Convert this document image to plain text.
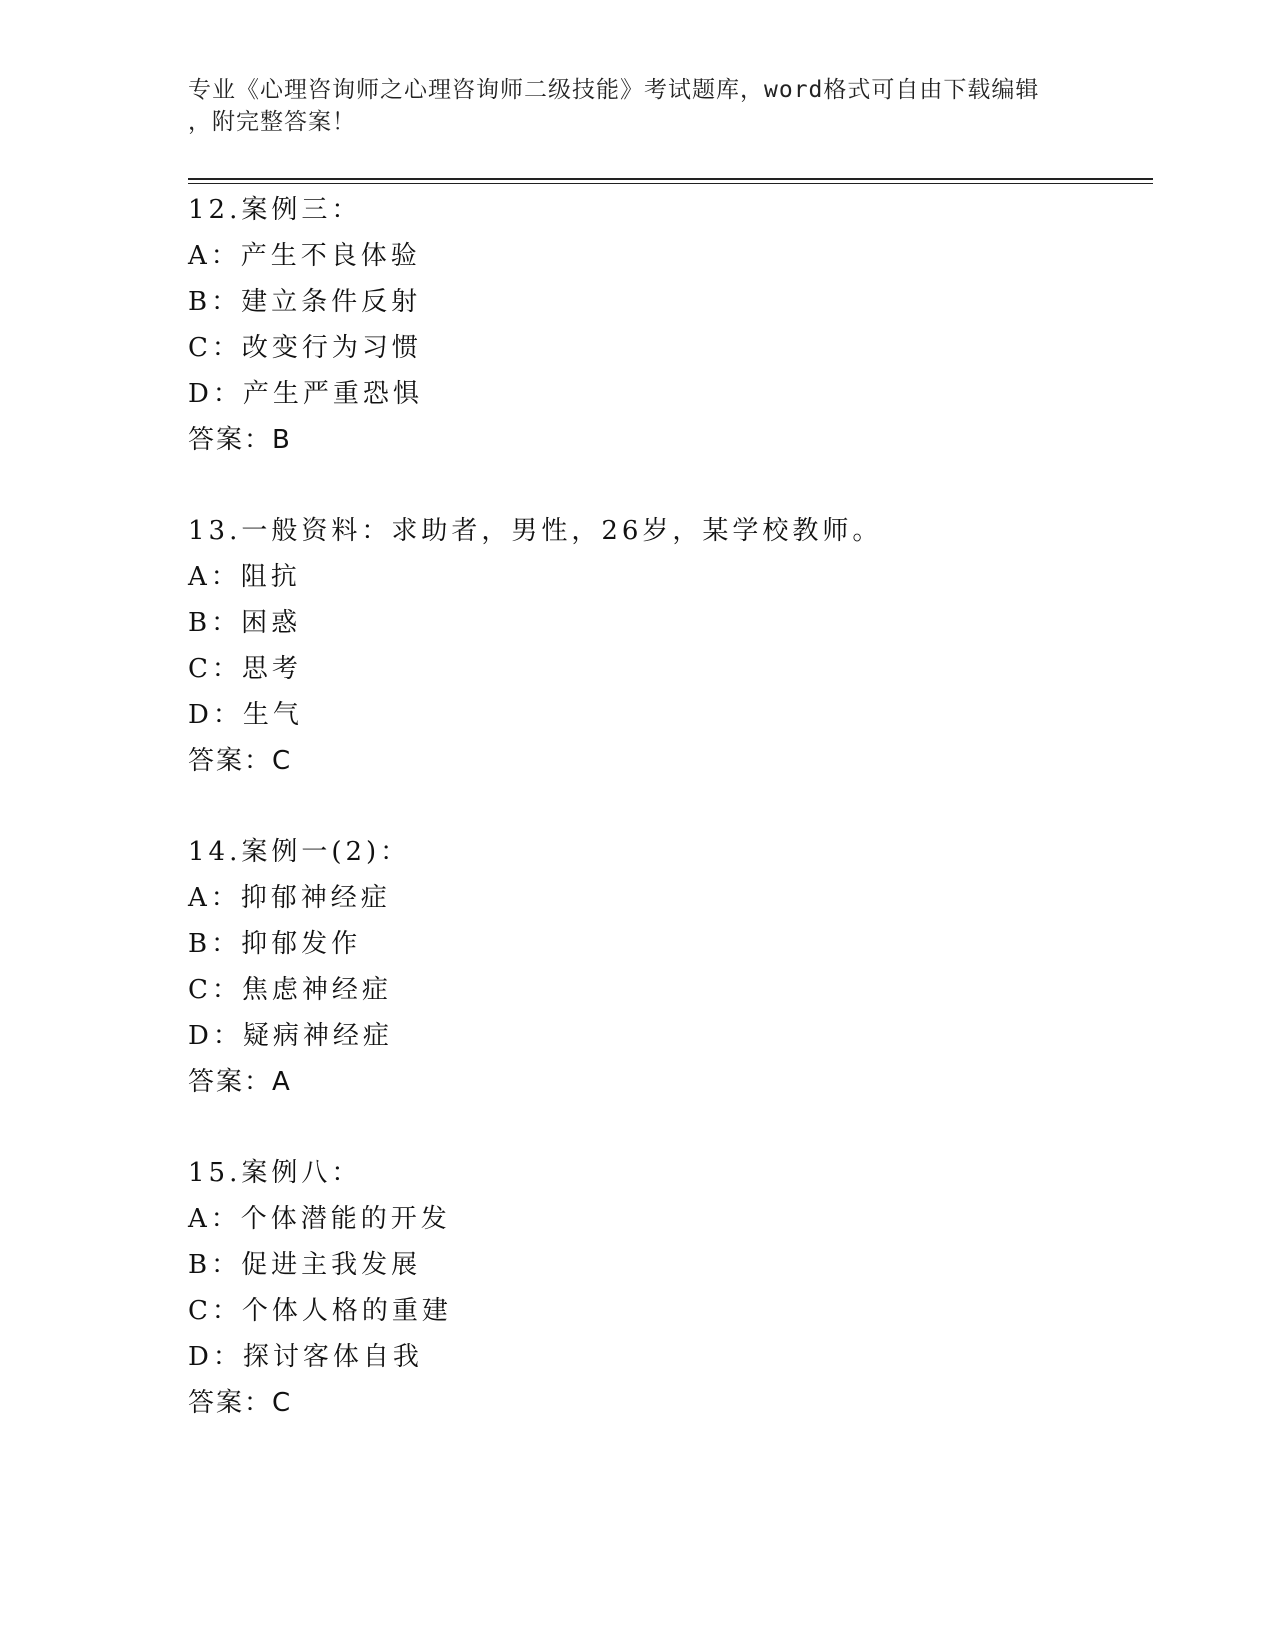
专业《心理咨询师之心理咨询师二级技能》考试题库，word格式可自由下载编辑
，附完整答案！
12.案例三：
A：产生不良体验
B：建立条件反射
C：改变行为习惯
D：产生严重恐惧
答案：B
13.一般资料：求助者，男性，26岁，某学校教师。
A：阻抗
B：困惑
C：思考
D：生气
答案：C
14.案例一(2)：
A：抑郁神经症
B：抑郁发作
C：焦虑神经症
D：疑病神经症
答案：A
15.案例八：
A：个体潜能的开发
B：促进主我发展
C：个体人格的重建
D：探讨客体自我
答案：C
